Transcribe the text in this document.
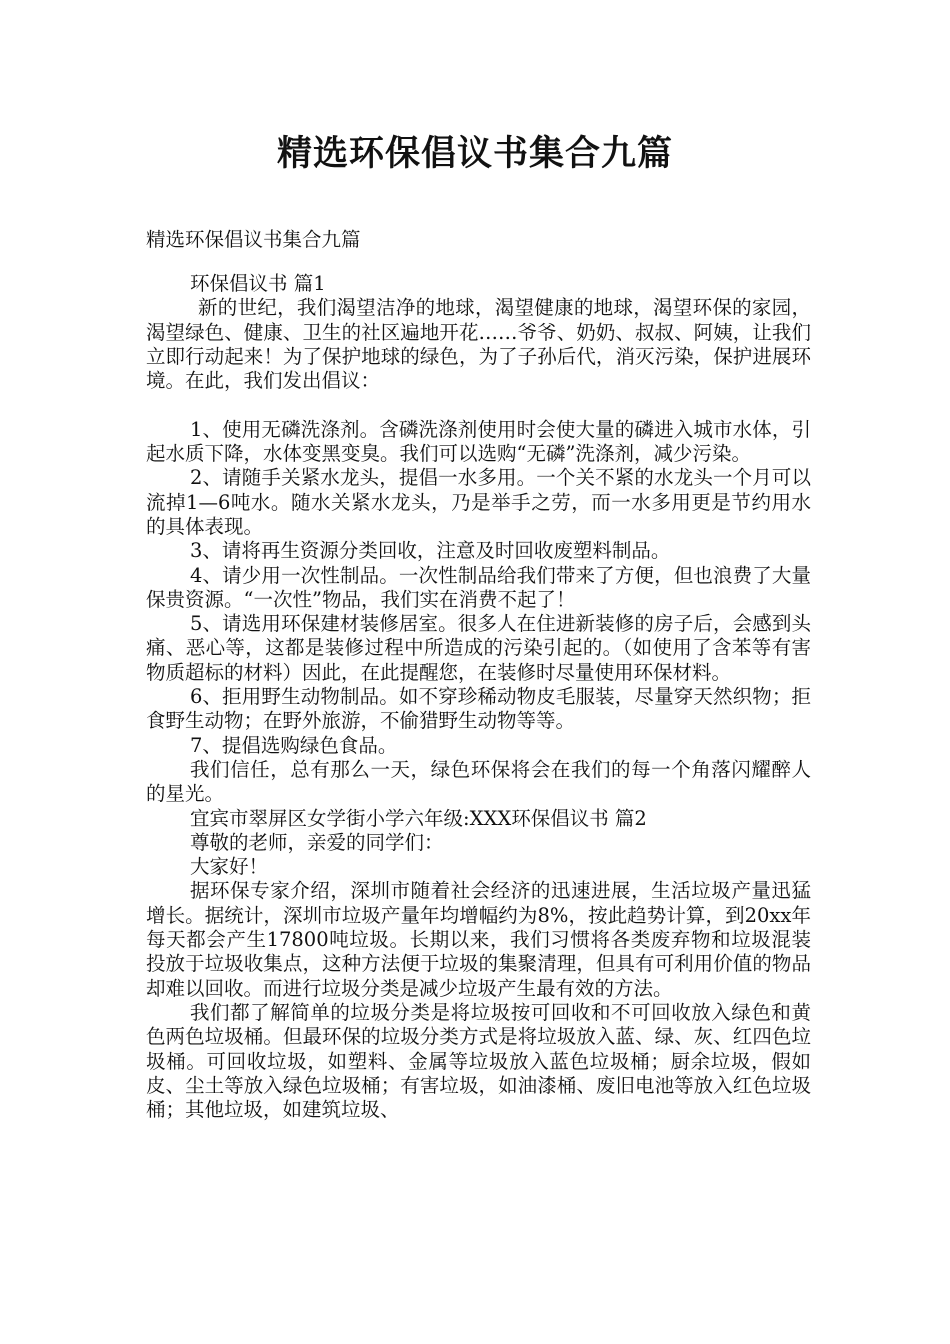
精选环保倡议书集合九篇
精选环保倡议书集合九篇

环保倡议书 篇1

新的世纪，我们渴望洁净的地球，渴望健康的地球，渴望环保的家园，渴望绿色、健康、卫生的社区遍地开花……爷爷、奶奶、叔叔、阿姨，让我们立即行动起来！为了保护地球的绿色，为了子孙后代，消灭污染，保护进展环境。在此，我们发出倡议：

1、使用无磷洗涤剂。含磷洗涤剂使用时会使大量的磷进入城市水体，引起水质下降，水体变黑变臭。我们可以选购“无磷”洗涤剂，减少污染。

2、请随手关紧水龙头，提倡一水多用。一个关不紧的水龙头一个月可以流掉1—6吨水。随水关紧水龙头，乃是举手之劳，而一水多用更是节约用水的具体表现。

3、请将再生资源分类回收，注意及时回收废塑料制品。

4、请少用一次性制品。一次性制品给我们带来了方便，但也浪费了大量保贵资源。“一次性”物品，我们实在消费不起了！

5、请选用环保建材装修居室。很多人在住进新装修的房子后，会感到头痛、恶心等，这都是装修过程中所造成的污染引起的。（如使用了含苯等有害物质超标的材料）因此，在此提醒您，在装修时尽量使用环保材料。

6、拒用野生动物制品。如不穿珍稀动物皮毛服装，尽量穿天然织物；拒食野生动物；在野外旅游，不偷猎野生动物等等。

7、提倡选购绿色食品。

我们信任，总有那么一天，绿色环保将会在我们的每一个角落闪耀醉人的星光。

宜宾市翠屏区女学街小学六年级:XXX环保倡议书 篇2

尊敬的老师，亲爱的同学们：

大家好！

据环保专家介绍，深圳市随着社会经济的迅速进展，生活垃圾产量迅猛增长。据统计，深圳市垃圾产量年均增幅约为8%，按此趋势计算，到20xx年每天都会产生17800吨垃圾。长期以来，我们习惯将各类废弃物和垃圾混装投放于垃圾收集点，这种方法便于垃圾的集聚清理，但具有可利用价值的物品却难以回收。而进行垃圾分类是减少垃圾产生最有效的方法。

我们都了解简单的垃圾分类是将垃圾按可回收和不可回收放入绿色和黄色两色垃圾桶。但最环保的垃圾分类方式是将垃圾放入蓝、绿、灰、红四色垃圾桶。可回收垃圾，如塑料、金属等垃圾放入蓝色垃圾桶；厨余垃圾，假如皮、尘土等放入绿色垃圾桶；有害垃圾，如油漆桶、废旧电池等放入红色垃圾桶；其他垃圾，如建筑垃圾、
